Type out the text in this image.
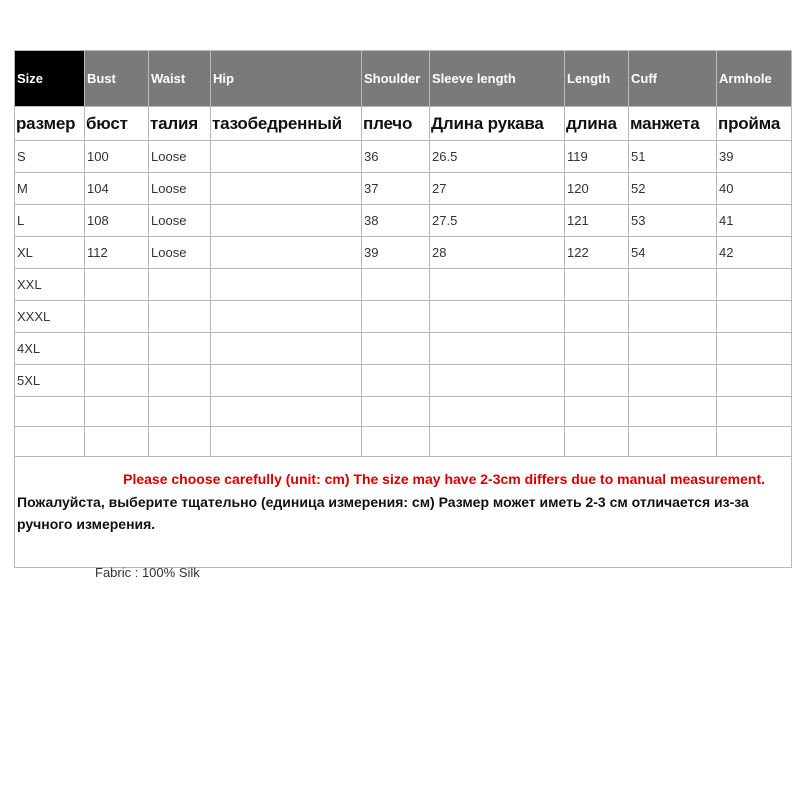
Size	Bust	Waist	Hip	Shoulder	Sleeve length	Length	Cuff	Armhole
размер	бюст	талия	тазобедренный	плечо	Длина рукава	длина	манжета	пройма
S	100	Loose		36	26.5	119	51	39
M	104	Loose		37	27	120	52	40
L	108	Loose		38	27.5	121	53	41
XL	112	Loose		39	28	122	54	42
XXL								
XXXL								
4XL								
5XL								

Please choose carefully (unit: cm) The size may have 2-3cm differs due to manual measurement.
Пожалуйста, выберите тщательно (единица измерения: см) Размер может иметь 2-3 см отличается из-за ручного измерения.								
Fabric : 100% Silk
